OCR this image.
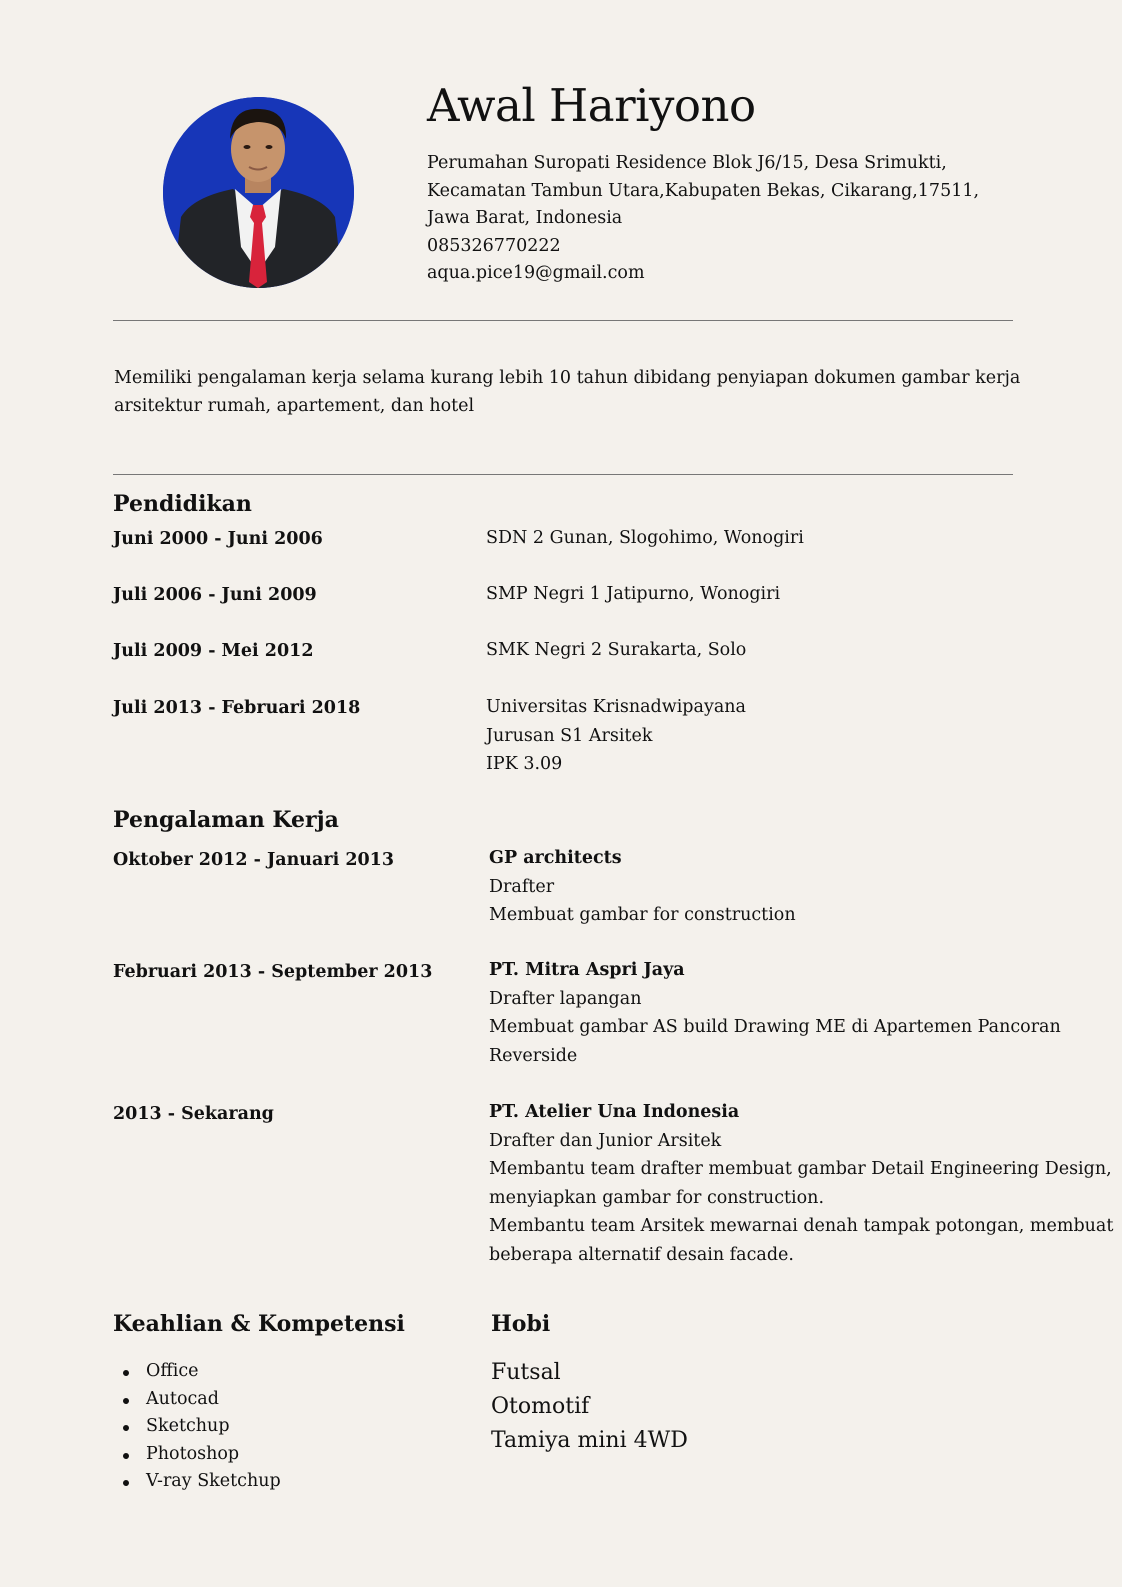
Awal Hariyono
Perumahan Suropati Residence Blok J6/15, Desa Srimukti,
Kecamatan Tambun Utara,Kabupaten Bekas, Cikarang,17511,
Jawa Barat, Indonesia
085326770222
aqua.pice19@gmail.com
Memiliki pengalaman kerja selama kurang lebih 10 tahun dibidang penyiapan dokumen gambar kerja
arsitektur rumah, apartement, dan hotel
Pendidikan
Juni 2000 - Juni 2006	SDN 2 Gunan, Slogohimo, Wonogiri
Juli 2006 - Juni 2009	SMP Negri 1 Jatipurno, Wonogiri
Juli 2009 - Mei 2012	SMK Negri 2 Surakarta, Solo
Juli 2013 - Februari 2018	Universitas Krisnadwipayana
Jurusan S1 Arsitek
IPK 3.09
Pengalaman Kerja
Oktober 2012 - Januari 2013	GP architects
Drafter
Membuat gambar for construction
Februari 2013 - September 2013	PT. Mitra Aspri Jaya
Drafter lapangan
Membuat gambar AS build Drawing ME di Apartemen Pancoran
Reverside
2013 - Sekarang	PT. Atelier Una Indonesia
Drafter dan Junior Arsitek
Membantu team drafter membuat gambar Detail Engineering Design,
menyiapkan gambar for construction.
Membantu team Arsitek mewarnai denah tampak potongan, membuat
beberapa alternatif desain facade.
Keahlian & Kompetensi
Office
Autocad
Sketchup
Photoshop
V-ray Sketchup
Hobi
Futsal
Otomotif
Tamiya mini 4WD
